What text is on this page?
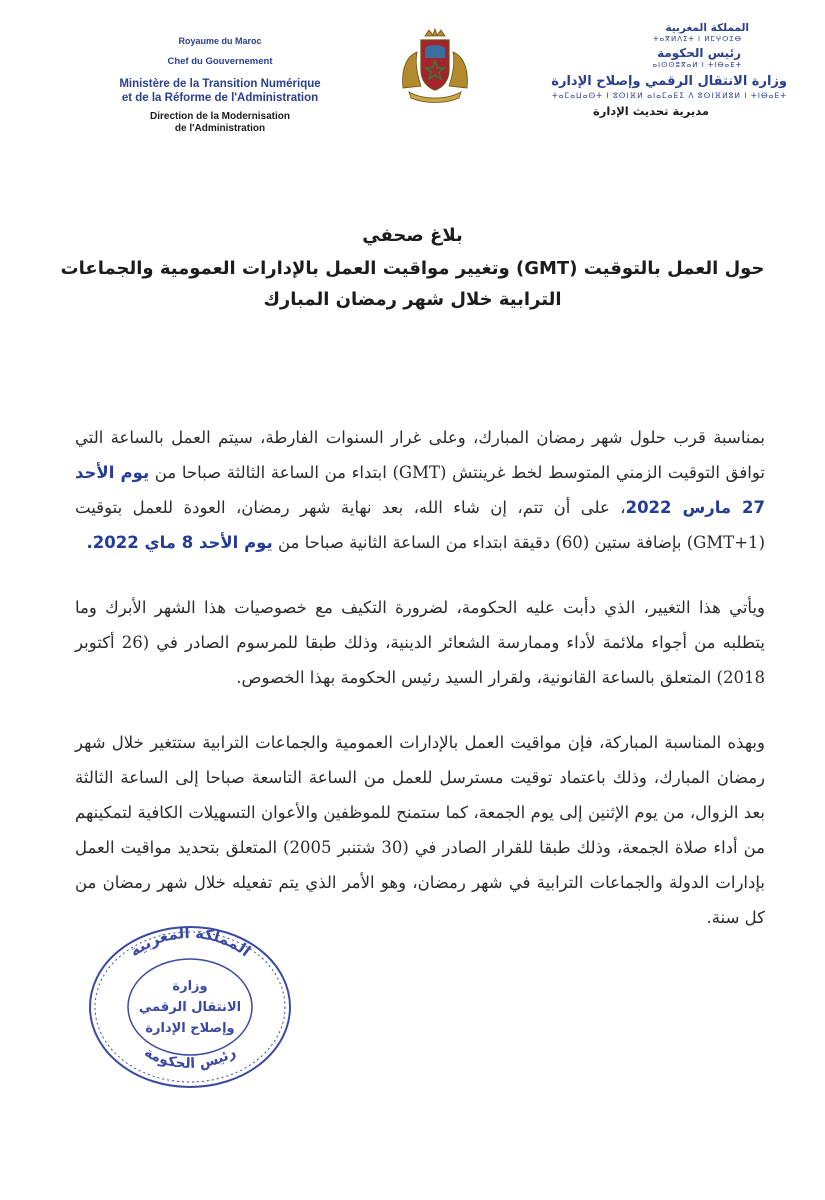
Royaume du Maroc
Chef du Gouvernement
Ministère de la Transition Numérique
et de la Réforme de l'Administration
Direction de la Modernisation
de l'Administration
المملكة المغربية
ⵜⴰⴳⵍⴷⵉⵜ ⵏ ⵍⵎⵖⵔⵉⴱ
رئيس الحكومة
ⴰⵏⵙⵙⵓⴳⴰⵍ ⵏ ⵜⵏⴱⴰⴹⵜ
وزارة الانتقال الرقمي وإصلاح الإدارة
ⵜⴰⵎⴰⵡⴰⵙⵜ ⵏ ⵓⵙⵏⴼⵍ ⴰⵏⴰⵎⴰⴹⵉ ⴷ ⵓⵙⵏⴼⵍⵓⵍ ⵏ ⵜⵏⴱⴰⴹⵜ
مديرية تحديث الإدارة
بلاغ صحفي
حول العمل بالتوقيت (GMT) وتغيير مواقيت العمل بالإدارات العمومية والجماعات
الترابية خلال شهر رمضان المبارك

بمناسبة قرب حلول شهر رمضان المبارك، وعلى غرار السنوات الفارطة، سيتم العمل بالساعة التي توافق التوقيت الزمني المتوسط لخط غرينتش (GMT) ابتداء من الساعة الثالثة صباحا من يوم الأحد 27 مارس 2022، على أن تتم، إن شاء الله، بعد نهاية شهر رمضان، العودة للعمل بتوقيت (GMT+1) بإضافة ستين (60) دقيقة ابتداء من الساعة الثانية صباحا من يوم الأحد 8 ماي 2022.

ويأتي هذا التغيير، الذي دأبت عليه الحكومة، لضرورة التكيف مع خصوصيات هذا الشهر الأبرك وما يتطلبه من أجواء ملائمة لأداء وممارسة الشعائر الدينية، وذلك طبقا للمرسوم الصادر في (26 أكتوبر 2018) المتعلق بالساعة القانونية، ولقرار السيد رئيس الحكومة بهذا الخصوص.

وبهذه المناسبة المباركة، فإن مواقيت العمل بالإدارات العمومية والجماعات الترابية ستتغير خلال شهر رمضان المبارك، وذلك باعتماد توقيت مسترسل للعمل من الساعة التاسعة صباحا إلى الساعة الثالثة بعد الزوال، من يوم الإثنين إلى يوم الجمعة، كما ستمنح للموظفين والأعوان التسهيلات الكافية لتمكينهم من أداء صلاة الجمعة، وذلك طبقا للقرار الصادر في (30 شتنبر 2005) المتعلق بتحديد مواقيت العمل بإدارات الدولة والجماعات الترابية في شهر رمضان، وهو الأمر الذي يتم تفعيله خلال شهر رمضان من كل سنة.

المملكة المغربية
رئيس الحكومة
وزارة
الانتقال الرقمي
وإصلاح الإدارة
